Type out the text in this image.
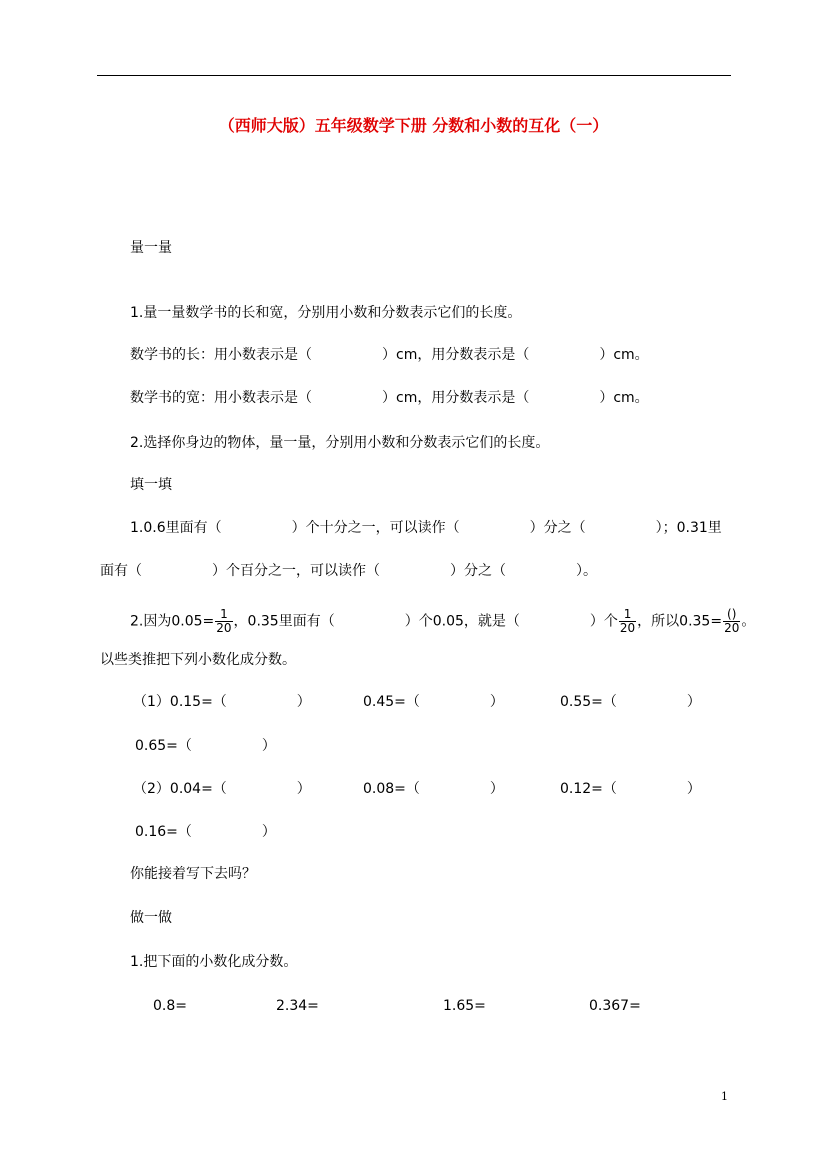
（西师大版）五年级数学下册 分数和小数的互化（一）
量一量
1.量一量数学书的长和宽，分别用小数和分数表示它们的长度。
数学书的长：用小数表示是（　　　　　）cm，用分数表示是（　　　　　）cm。
数学书的宽：用小数表示是（　　　　　）cm，用分数表示是（　　　　　）cm。
2.选择你身边的物体，量一量，分别用小数和分数表示它们的长度。
填一填
1.0.6里面有（　　　　　）个十分之一，可以读作（　　　　　）分之（　　　　　）；0.31里
面有（　　　　　）个百分之一，可以读作（　　　　　）分之（　　　　　）。
2.因为$0.05= \frac{1}{20}$ ，0.35里面有（　　　　　）个0.05，就是（　　　　　）个 $\frac{1}{20}$ ，所以$0.35= \frac{()}{20}$ 。
以些类推把下列小数化成分数。
（1）0.15=（　　　　　）	0.45=（　　　　　）	0.55=（　　　　　）
0.65=（　　　　　）
（2）0.04=（　　　　　）	0.08=（　　　　　）	0.12=（　　　　　）
0.16=（　　　　　）
你能接着写下去吗？
做一做
1.把下面的小数化成分数。
0.8=	2.34=	1.65=	0.367=
1
